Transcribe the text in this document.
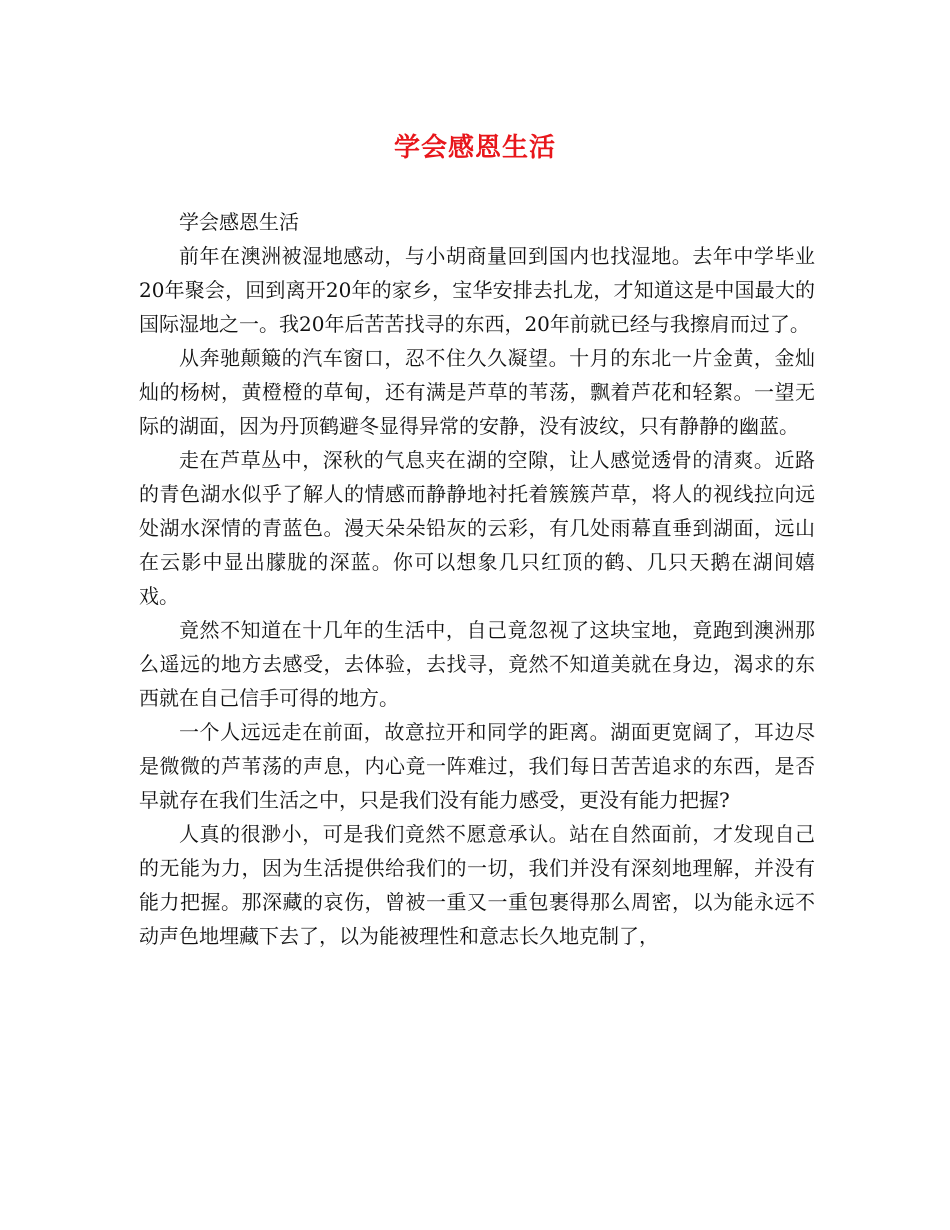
学会感恩生活

学会感恩生活

前年在澳洲被湿地感动，与小胡商量回到国内也找湿地。去年中学毕业20年聚会，回到离开20年的家乡，宝华安排去扎龙，才知道这是中国最大的国际湿地之一。我20年后苦苦找寻的东西，20年前就已经与我擦肩而过了。

从奔驰颠簸的汽车窗口，忍不住久久凝望。十月的东北一片金黄，金灿灿的杨树，黄橙橙的草甸，还有满是芦草的苇荡，飘着芦花和轻絮。一望无际的湖面，因为丹顶鹤避冬显得异常的安静，没有波纹，只有静静的幽蓝。

走在芦草丛中，深秋的气息夹在湖的空隙，让人感觉透骨的清爽。近路的青色湖水似乎了解人的情感而静静地衬托着簇簇芦草，将人的视线拉向远处湖水深情的青蓝色。漫天朵朵铅灰的云彩，有几处雨幕直垂到湖面，远山在云影中显出朦胧的深蓝。你可以想象几只红顶的鹤、几只天鹅在湖间嬉戏。

竟然不知道在十几年的生活中，自己竟忽视了这块宝地，竟跑到澳洲那么遥远的地方去感受，去体验，去找寻，竟然不知道美就在身边，渴求的东西就在自己信手可得的地方。

一个人远远走在前面，故意拉开和同学的距离。湖面更宽阔了，耳边尽是微微的芦苇荡的声息，内心竟一阵难过，我们每日苦苦追求的东西，是否早就存在我们生活之中，只是我们没有能力感受，更没有能力把握?

人真的很渺小，可是我们竟然不愿意承认。站在自然面前，才发现自己的无能为力，因为生活提供给我们的一切，我们并没有深刻地理解，并没有能力把握。那深藏的哀伤，曾被一重又一重包裹得那么周密，以为能永远不动声色地埋藏下去了，以为能被理性和意志长久地克制了，
